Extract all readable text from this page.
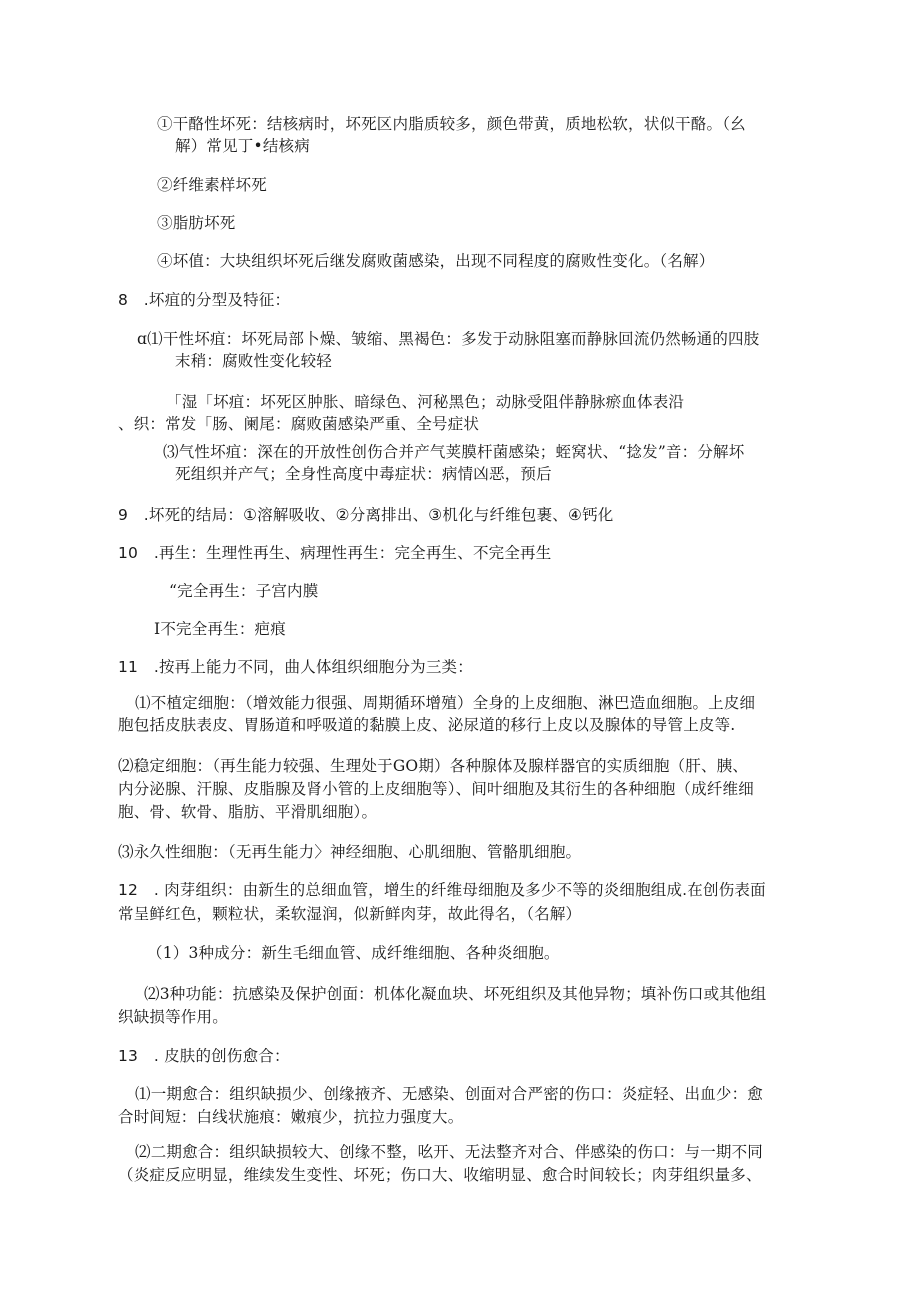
①干酪性坏死：结核病时，坏死区内脂质较多，颜色带黄，质地松软，状似干酪。（幺
解）常见丁•结核病
②纤维素样坏死
③脂肪坏死
④坏值：大块组织坏死后继发腐败菌感染，出现不同程度的腐败性变化。（名解）
8　.坏疽的分型及特征：
ɑ⑴干性坏疽：坏死局部卜燥、皱缩、黑褐色：多发于动脉阻塞而静脉回流仍然畅通的四肢
末稍：腐败性变化较轻
「湿「坏疽：坏死区肿胀、暗绿色、河秘黑色；动脉受阻伴静脉瘀血体表沿
、织：常发「肠、阑尾：腐败菌感染严重、全号症状
⑶气性坏疽：深在的开放性创伤合并产气荚膜杆菌感染；蛭窝状、“捻发”音：分解坏
死组织并产气；全身性高度中毒症状：病情凶恶，预后
9　.坏死的结局：①溶解吸收、②分离排出、③机化与纤维包裹、④钙化
10　.再生：生理性再生、病理性再生：完全再生、不完全再生
“完全再生：子宫内膜
I不完全再生：疤痕
11　.按再上能力不同，曲人体组织细胞分为三类：
⑴不植定细胞：（增效能力很强、周期循环增殖）全身的上皮细胞、淋巴造血细胞。上皮细
胞包括皮肤表皮、胃肠道和呼吸道的黏膜上皮、泌尿道的移行上皮以及腺体的导管上皮等.
⑵稳定细胞：（再生能力较强、生理处于GO期）各种腺体及腺样器官的实质细胞（肝、胰、
内分泌腺、汗腺、皮脂腺及肾小管的上皮细胞等）、间叶细胞及其衍生的各种细胞（成纤维细
胞、骨、软骨、脂肪、平滑肌细胞）。
⑶永久性细胞：（无再生能力〉神经细胞、心肌细胞、管骼肌细胞。
12　. 肉芽组织：由新生的总细血管，增生的纤维母细胞及多少不等的炎细胞组成.在创伤表面
常呈鲜红色，颗粒状，柔软湿润，似新鲜肉芽，故此得名，（名解）
（1）3种成分：新生毛细血管、成纤维细胞、各种炎细胞。
⑵3种功能：抗感染及保护创面：机体化凝血块、坏死组织及其他异物；填补伤口或其他组
织缺损等作用。
13　. 皮肤的创伤愈合：
⑴一期愈合：组织缺损少、创缘掖齐、无感染、创面对合严密的伤口：炎症轻、出血少：愈
合时间短：白线状施痕：嫩痕少，抗拉力强度大。
⑵二期愈合：组织缺损较大、创缘不整，吆开、无法整齐对合、伴感染的伤口：与一期不同
（炎症反应明显，维续发生变性、坏死；伤口大、收缩明显、愈合时间较长；肉芽组织量多、
